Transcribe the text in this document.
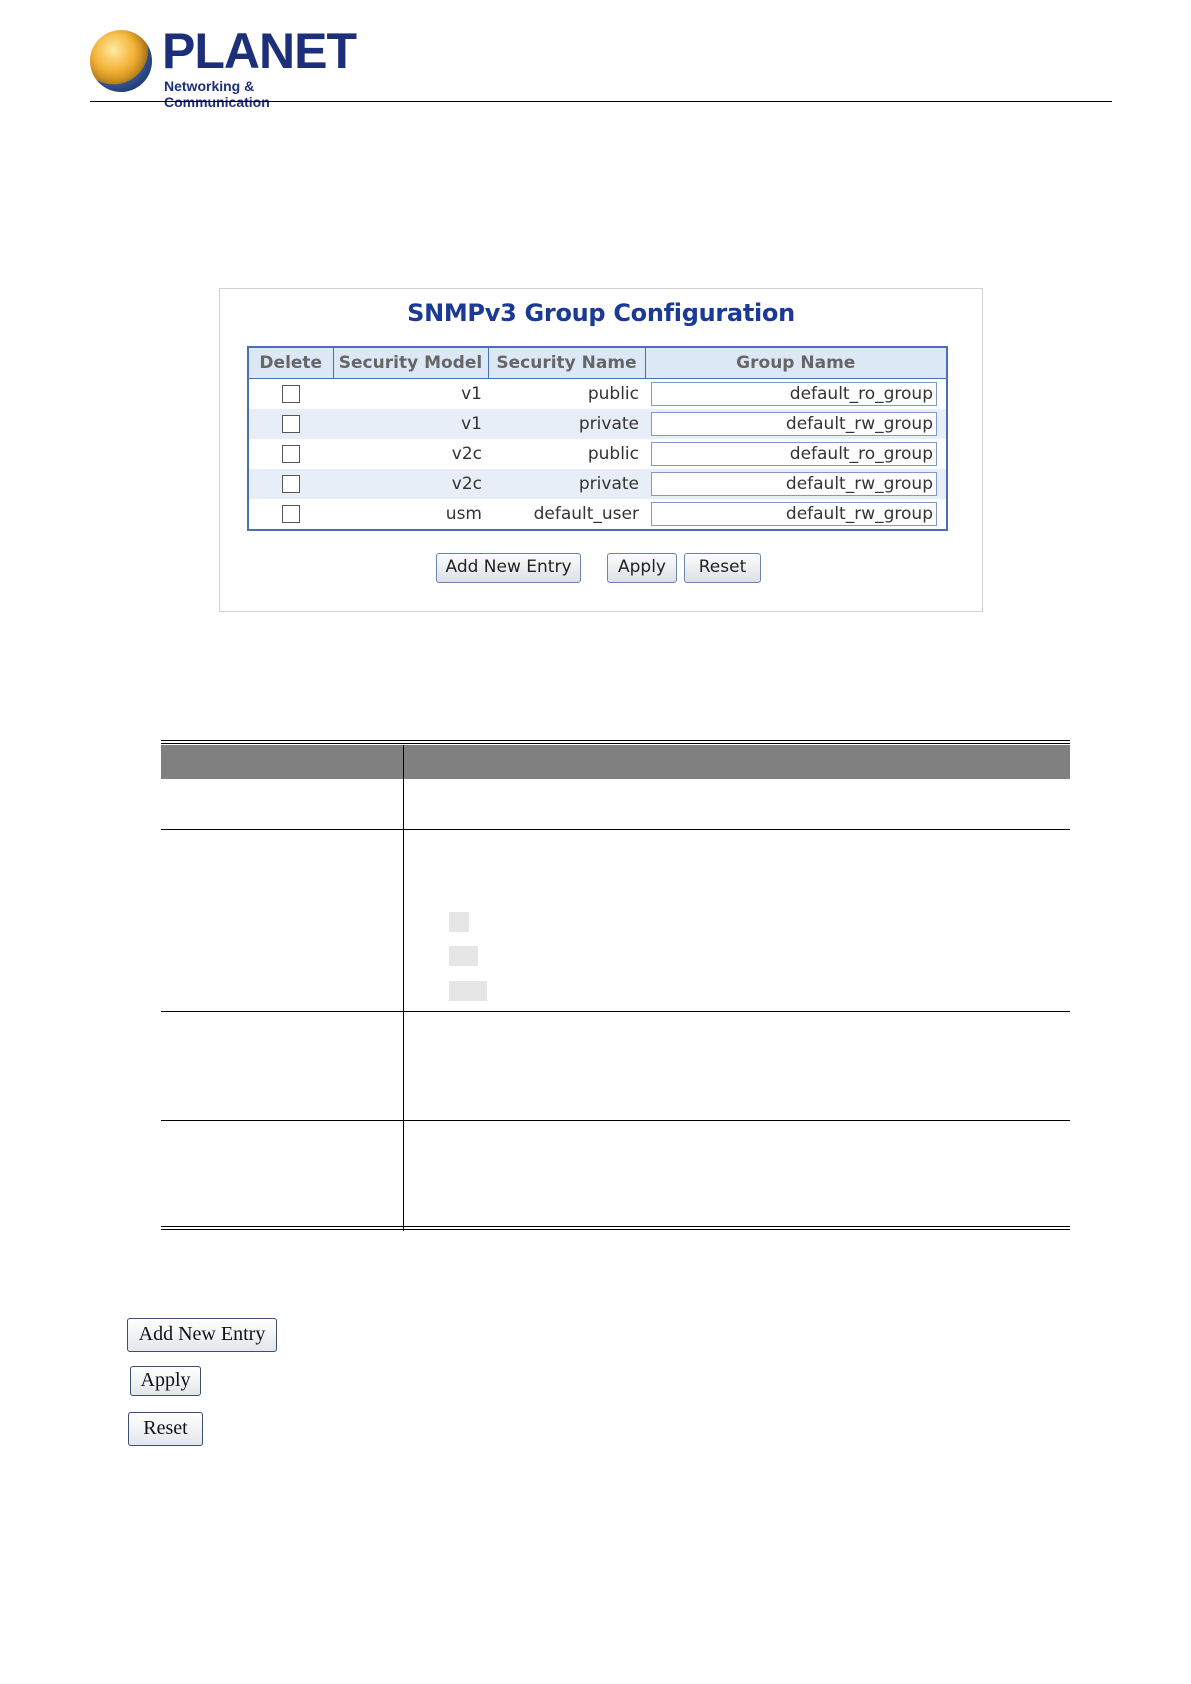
PLANET
Networking & Communication
SNMPv3 Group Configuration
Delete	Security Model	Security Name	Group Name
	v1	public	default_ro_group

	v1	private	default_rw_group

	v2c	public	default_ro_group

	v2c	private	default_rw_group

	usm	default_user	default_rw_group
Add New Entry	Apply	Reset
Add New Entry
Apply
Reset
